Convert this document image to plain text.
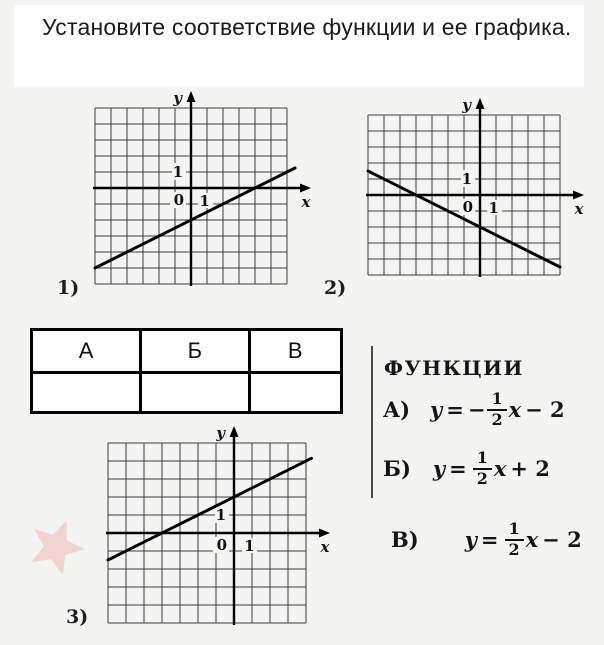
Установите соответствие функции и ее графика.
1
0 1
y
x
1)
1
0 1
y
x
2)
1
0 1
y
x
3)
А	Б	В
ФУНКЦИИ
А) y = − $\frac{1}{2}$ x − 2
Б) $y = \frac{1}{2}$ x + 2
В) $y = \frac{1}{2}$ x − 2
